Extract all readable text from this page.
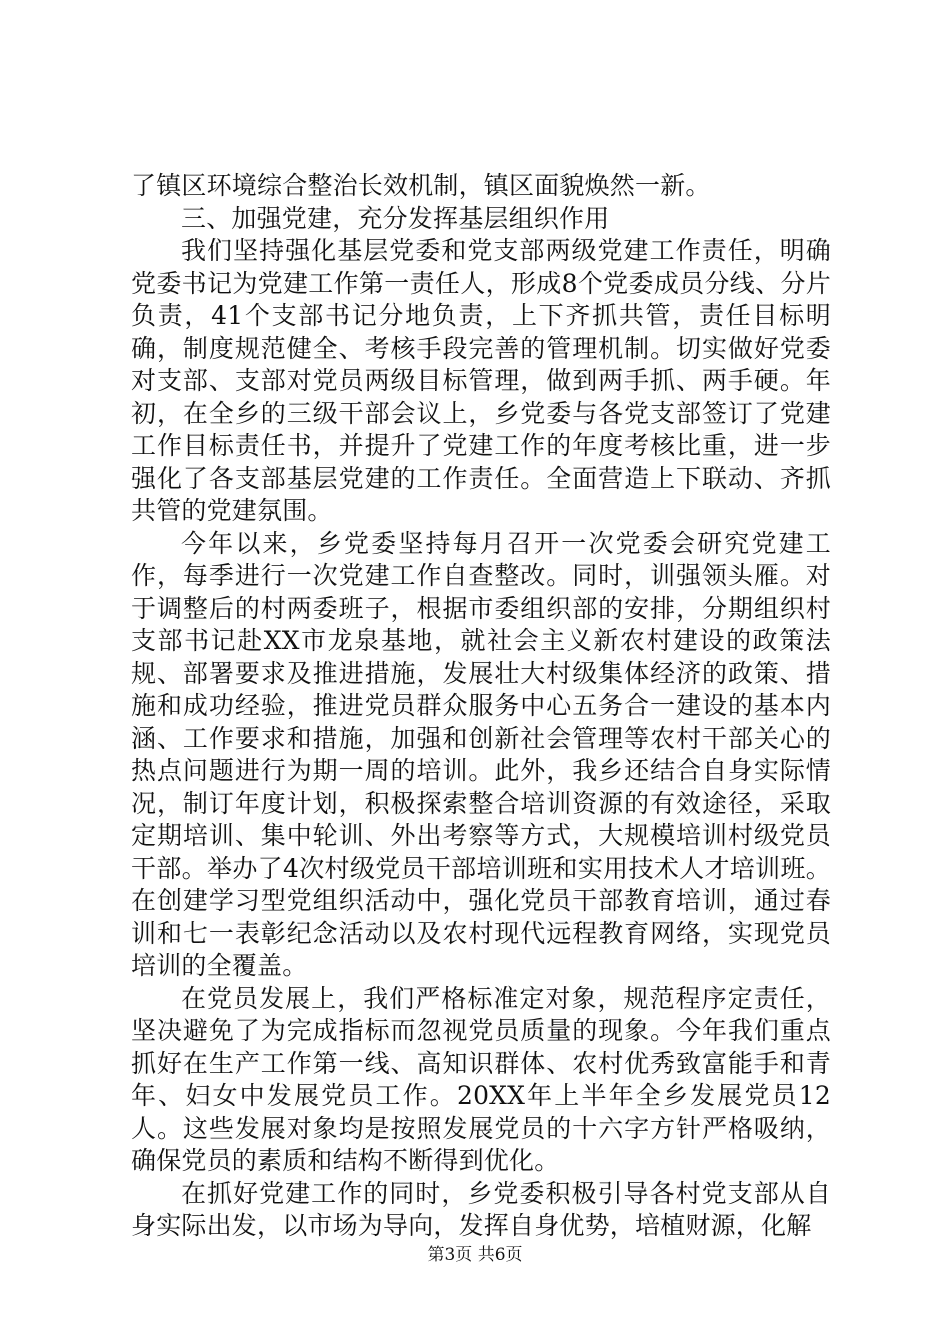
了镇区环境综合整治长效机制，镇区面貌焕然一新。

三、加强党建，充分发挥基层组织作用

我们坚持强化基层党委和党支部两级党建工作责任，明确党委书记为党建工作第一责任人，形成8个党委成员分线、分片负责，41个支部书记分地负责，上下齐抓共管，责任目标明确，制度规范健全、考核手段完善的管理机制。切实做好党委对支部、支部对党员两级目标管理，做到两手抓、两手硬。年初，在全乡的三级干部会议上，乡党委与各党支部签订了党建工作目标责任书，并提升了党建工作的年度考核比重，进一步强化了各支部基层党建的工作责任。全面营造上下联动、齐抓共管的党建氛围。

今年以来，乡党委坚持每月召开一次党委会研究党建工作，每季进行一次党建工作自查整改。同时，训强领头雁。对于调整后的村两委班子，根据市委组织部的安排，分期组织村支部书记赴XX市龙泉基地，就社会主义新农村建设的政策法规、部署要求及推进措施，发展壮大村级集体经济的政策、措施和成功经验，推进党员群众服务中心五务合一建设的基本内涵、工作要求和措施，加强和创新社会管理等农村干部关心的热点问题进行为期一周的培训。此外，我乡还结合自身实际情况，制订年度计划，积极探索整合培训资源的有效途径，采取定期培训、集中轮训、外出考察等方式，大规模培训村级党员干部。举办了4次村级党员干部培训班和实用技术人才培训班。在创建学习型党组织活动中，强化党员干部教育培训，通过春训和七一表彰纪念活动以及农村现代远程教育网络，实现党员培训的全覆盖。

在党员发展上，我们严格标准定对象，规范程序定责任，坚决避免了为完成指标而忽视党员质量的现象。今年我们重点抓好在生产工作第一线、高知识群体、农村优秀致富能手和青年、妇女中发展党员工作。20XX年上半年全乡发展党员12人。这些发展对象均是按照发展党员的十六字方针严格吸纳，确保党员的素质和结构不断得到优化。

在抓好党建工作的同时，乡党委积极引导各村党支部从自身实际出发，以市场为导向，发挥自身优势，培植财源，化解

第3页 共6页
